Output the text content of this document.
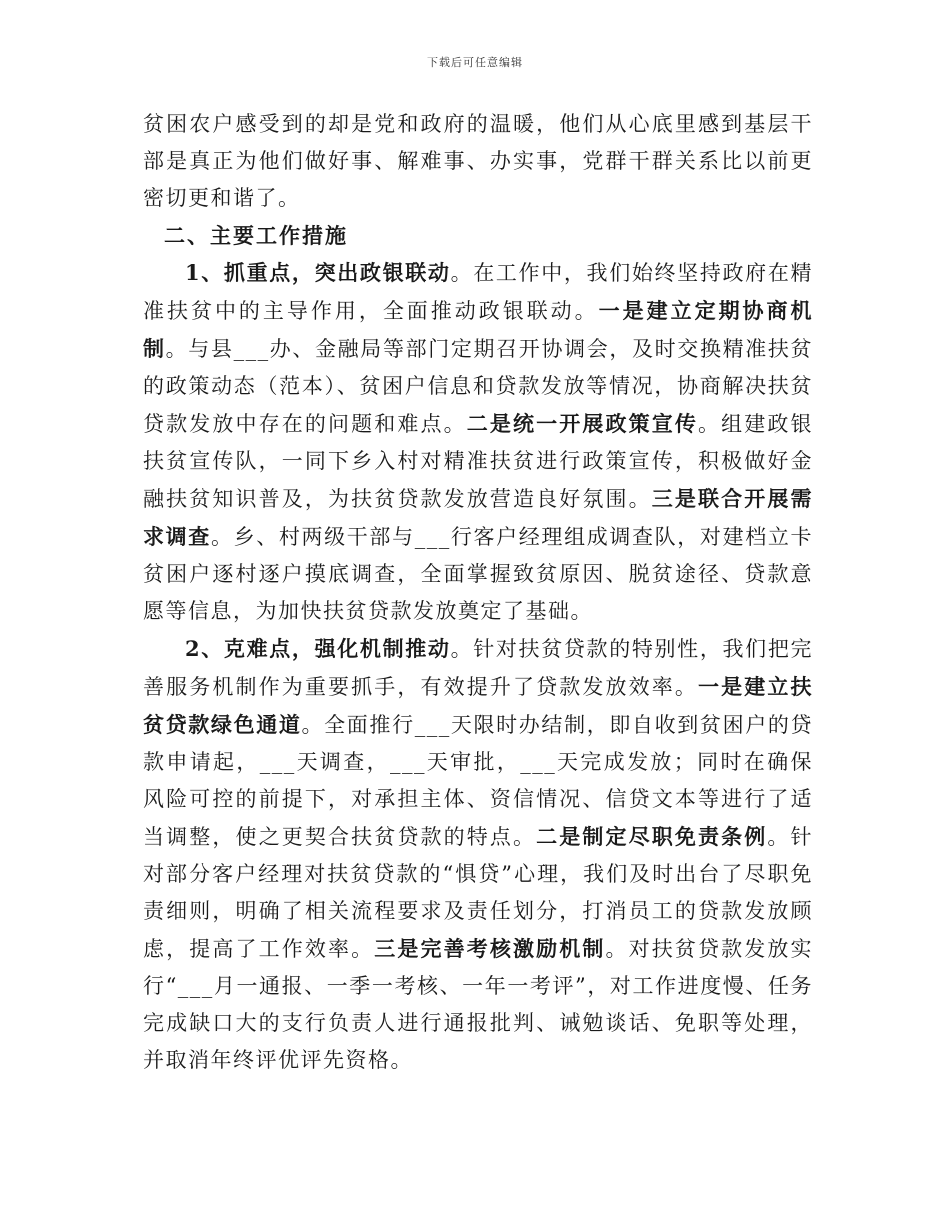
下载后可任意编辑

贫困农户感受到的却是党和政府的温暖，他们从心底里感到基层干部是真正为他们做好事、解难事、办实事，党群干群关系比以前更密切更和谐了。

二、主要工作措施

1、抓重点，突出政银联动。在工作中，我们始终坚持政府在精准扶贫中的主导作用，全面推动政银联动。一是建立定期协商机制。与县___办、金融局等部门定期召开协调会，及时交换精准扶贫的政策动态（范本）、贫困户信息和贷款发放等情况，协商解决扶贫贷款发放中存在的问题和难点。二是统一开展政策宣传。组建政银扶贫宣传队，一同下乡入村对精准扶贫进行政策宣传，积极做好金融扶贫知识普及，为扶贫贷款发放营造良好氛围。三是联合开展需求调查。乡、村两级干部与___行客户经理组成调查队，对建档立卡贫困户逐村逐户摸底调查，全面掌握致贫原因、脱贫途径、贷款意愿等信息，为加快扶贫贷款发放奠定了基础。

2、克难点，强化机制推动。针对扶贫贷款的特别性，我们把完善服务机制作为重要抓手，有效提升了贷款发放效率。一是建立扶贫贷款绿色通道。全面推行___天限时办结制，即自收到贫困户的贷款申请起，___天调查，___天审批，___天完成发放；同时在确保风险可控的前提下，对承担主体、资信情况、信贷文本等进行了适当调整，使之更契合扶贫贷款的特点。二是制定尽职免责条例。针对部分客户经理对扶贫贷款的“惧贷”心理，我们及时出台了尽职免责细则，明确了相关流程要求及责任划分，打消员工的贷款发放顾虑，提高了工作效率。三是完善考核激励机制。对扶贫贷款发放实行“___月一通报、一季一考核、一年一考评”，对工作进度慢、任务完成缺口大的支行负责人进行通报批判、诫勉谈话、免职等处理，并取消年终评优评先资格。
